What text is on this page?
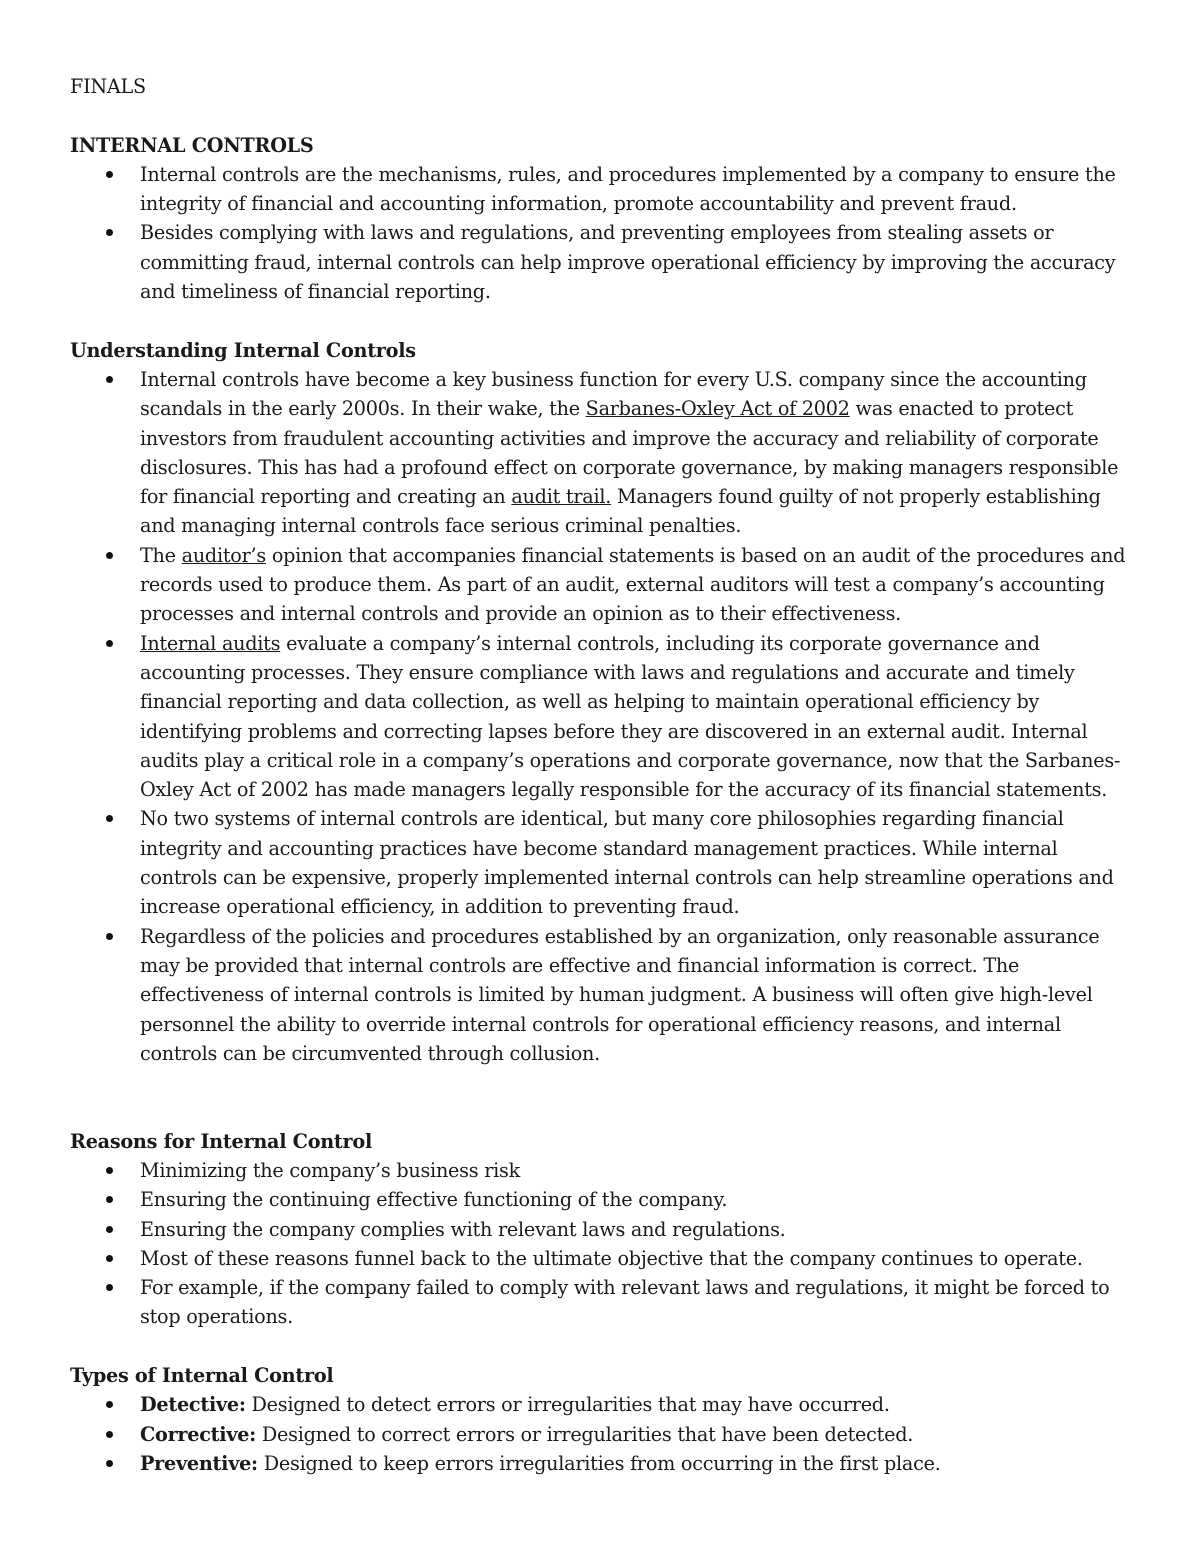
FINALS

INTERNAL CONTROLS

Internal controls are the mechanisms, rules, and procedures implemented by a company to ensure the integrity of financial and accounting information, promote accountability and prevent fraud.
Besides complying with laws and regulations, and preventing employees from stealing assets or committing fraud, internal controls can help improve operational efficiency by improving the accuracy and timeliness of financial reporting.

Understanding Internal Controls

Internal controls have become a key business function for every U.S. company since the accounting scandals in the early 2000s. In their wake, the Sarbanes-Oxley Act of 2002 was enacted to protect investors from fraudulent accounting activities and improve the accuracy and reliability of corporate disclosures. This has had a profound effect on corporate governance, by making managers responsible for financial reporting and creating an audit trail. Managers found guilty of not properly establishing and managing internal controls face serious criminal penalties.
The auditor’s opinion that accompanies financial statements is based on an audit of the procedures and records used to produce them. As part of an audit, external auditors will test a company’s accounting processes and internal controls and provide an opinion as to their effectiveness.
Internal audits evaluate a company’s internal controls, including its corporate governance and accounting processes. They ensure compliance with laws and regulations and accurate and timely financial reporting and data collection, as well as helping to maintain operational efficiency by identifying problems and correcting lapses before they are discovered in an external audit. Internal audits play a critical role in a company’s operations and corporate governance, now that the Sarbanes-Oxley Act of 2002 has made managers legally responsible for the accuracy of its financial statements.
No two systems of internal controls are identical, but many core philosophies regarding financial integrity and accounting practices have become standard management practices. While internal controls can be expensive, properly implemented internal controls can help streamline operations and increase operational efficiency, in addition to preventing fraud.
Regardless of the policies and procedures established by an organization, only reasonable assurance may be provided that internal controls are effective and financial information is correct. The effectiveness of internal controls is limited by human judgment. A business will often give high-level personnel the ability to override internal controls for operational efficiency reasons, and internal controls can be circumvented through collusion.

Reasons for Internal Control

Minimizing the company’s business risk
Ensuring the continuing effective functioning of the company.
Ensuring the company complies with relevant laws and regulations.
Most of these reasons funnel back to the ultimate objective that the company continues to operate.
For example, if the company failed to comply with relevant laws and regulations, it might be forced to stop operations.

Types of Internal Control

Detective: Designed to detect errors or irregularities that may have occurred.
Corrective: Designed to correct errors or irregularities that have been detected.
Preventive: Designed to keep errors irregularities from occurring in the first place.
